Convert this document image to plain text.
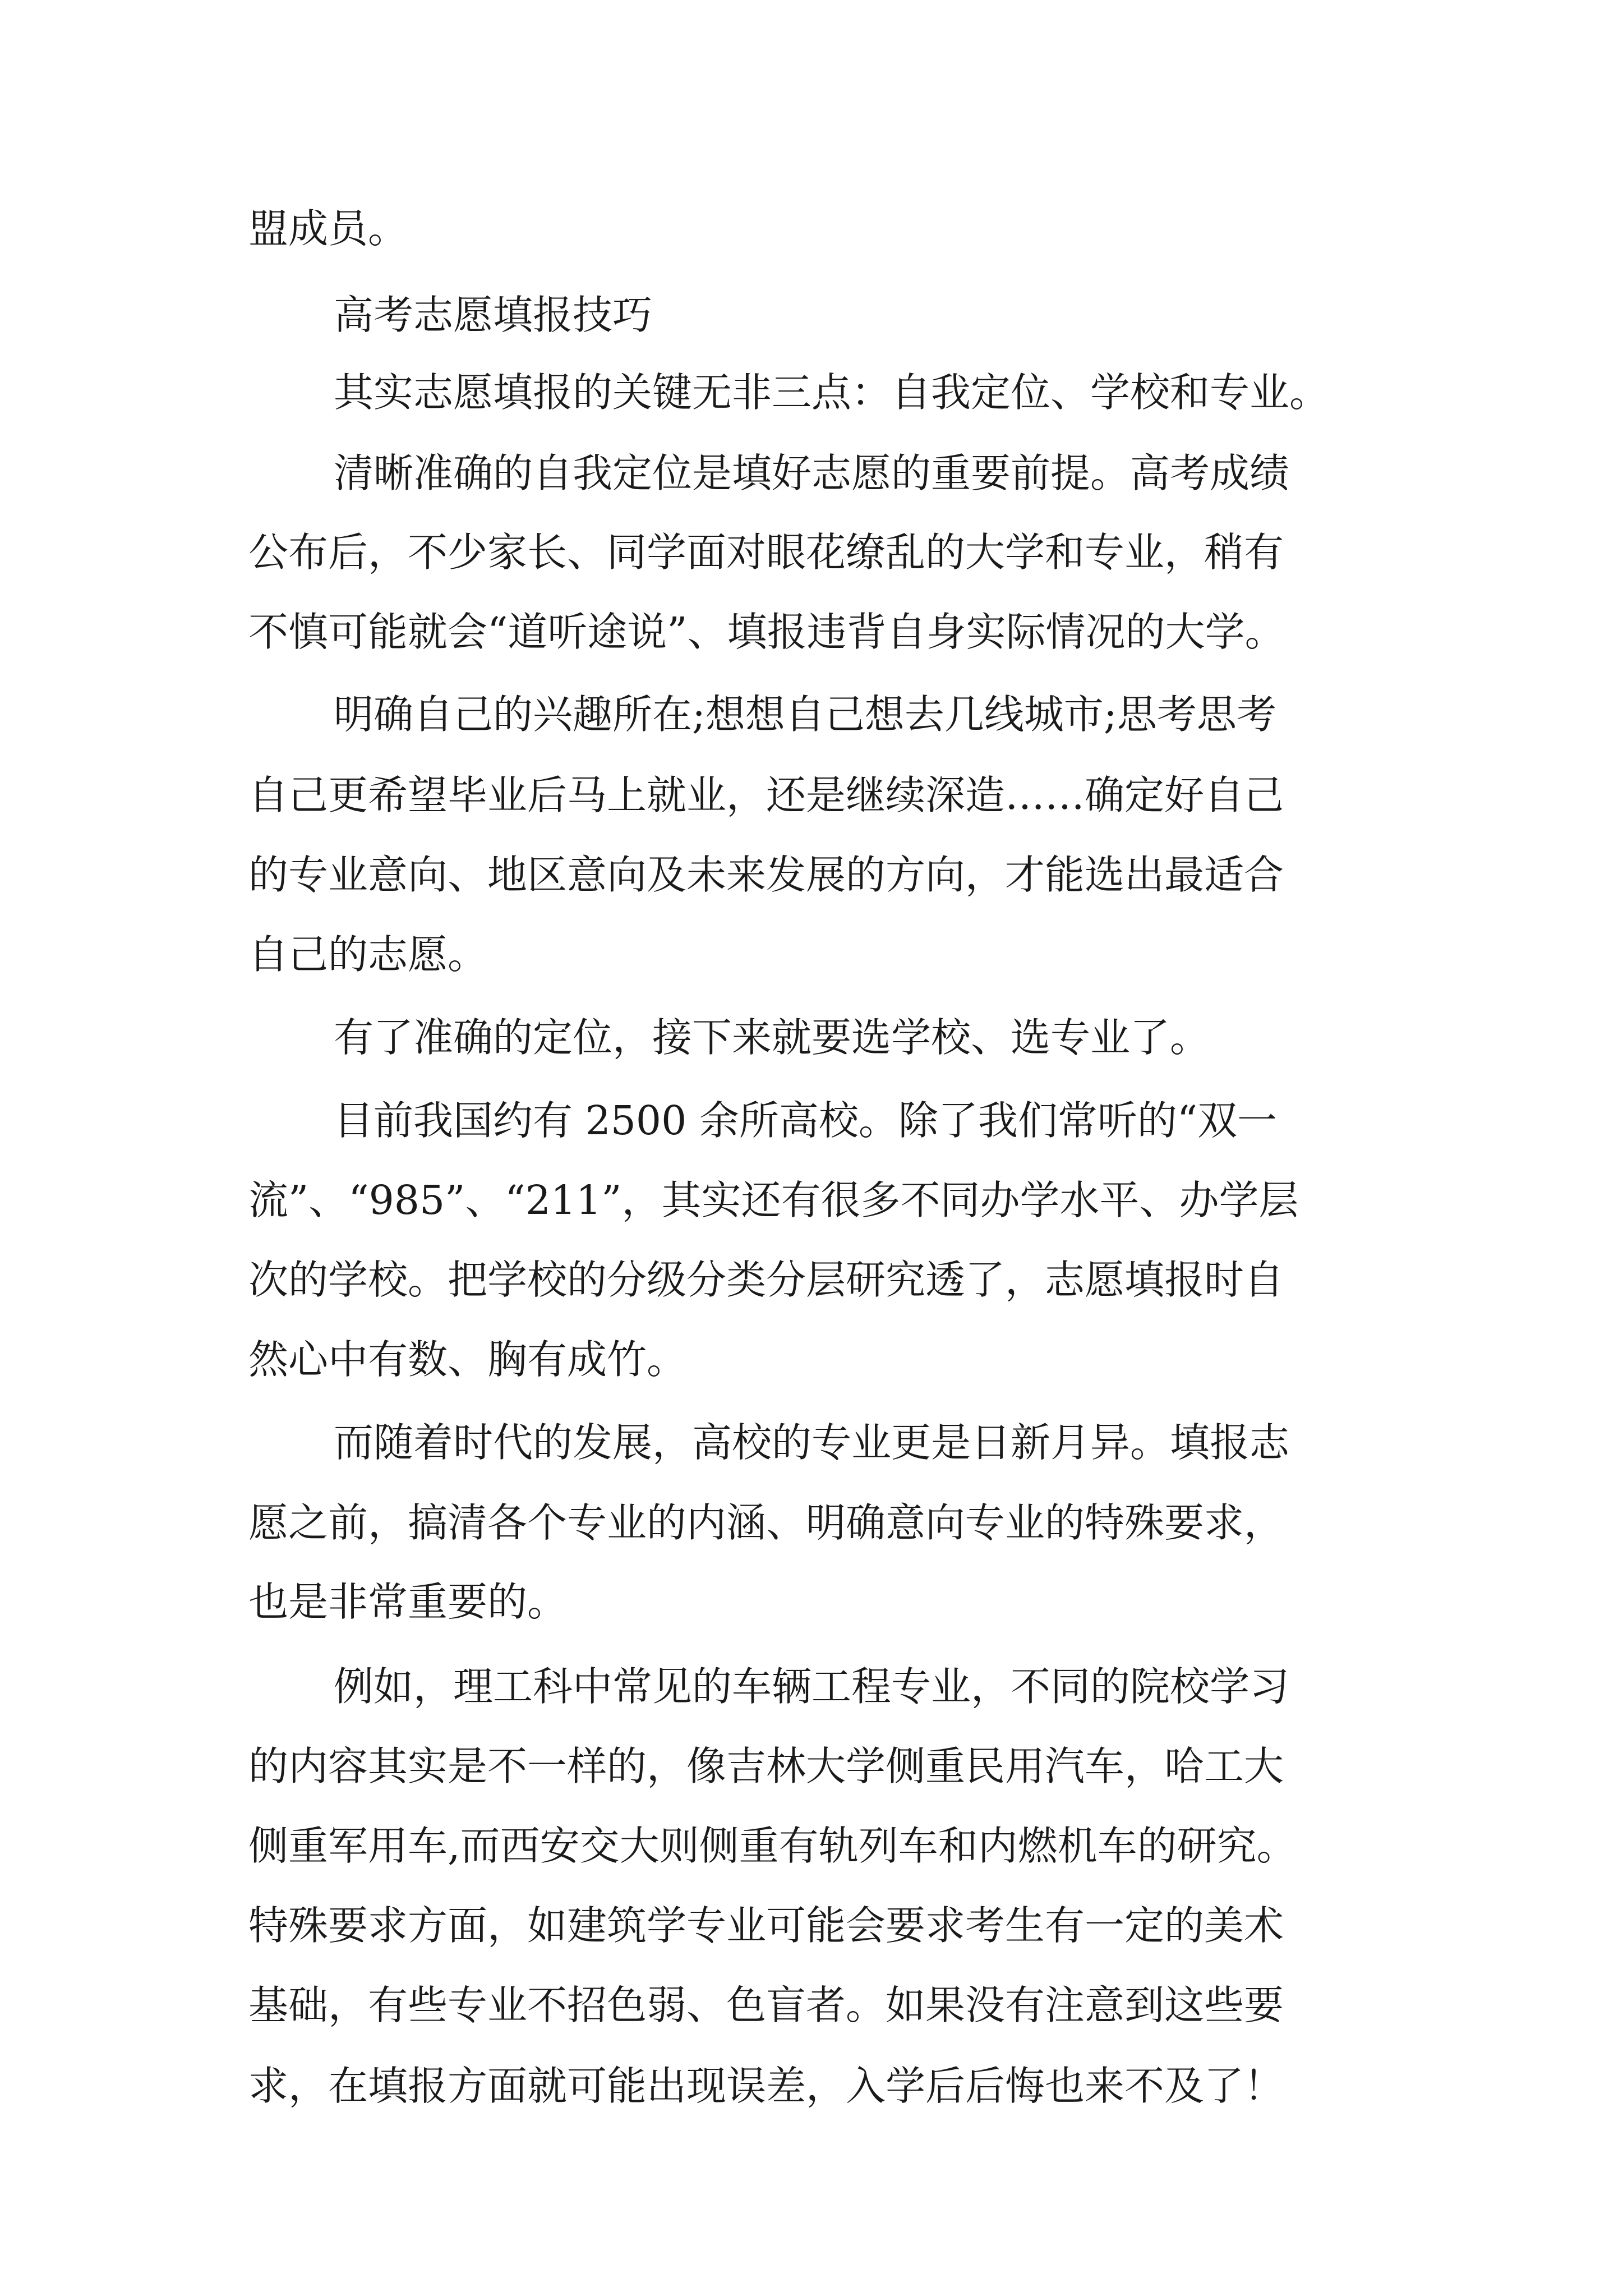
盟成员。
高考志愿填报技巧
其实志愿填报的关键无非三点：自我定位、学校和专业。
清晰准确的自我定位是填好志愿的重要前提。高考成绩
公布后，不少家长、同学面对眼花缭乱的大学和专业，稍有
不慎可能就会“道听途说”、填报违背自身实际情况的大学。
明确自己的兴趣所在;想想自己想去几线城市;思考思考
自己更希望毕业后马上就业，还是继续深造……确定好自己
的专业意向、地区意向及未来发展的方向，才能选出最适合
自己的志愿。
有了准确的定位，接下来就要选学校、选专业了。
目前我国约有 2500 余所高校。除了我们常听的“双一
流”、“985”、“211”，其实还有很多不同办学水平、办学层
次的学校。把学校的分级分类分层研究透了，志愿填报时自
然心中有数、胸有成竹。
而随着时代的发展，高校的专业更是日新月异。填报志
愿之前，搞清各个专业的内涵、明确意向专业的特殊要求，
也是非常重要的。
例如，理工科中常见的车辆工程专业，不同的院校学习
的内容其实是不一样的，像吉林大学侧重民用汽车，哈工大
侧重军用车,而西安交大则侧重有轨列车和内燃机车的研究。
特殊要求方面，如建筑学专业可能会要求考生有一定的美术
基础，有些专业不招色弱、色盲者。如果没有注意到这些要
求，在填报方面就可能出现误差，入学后后悔也来不及了！
